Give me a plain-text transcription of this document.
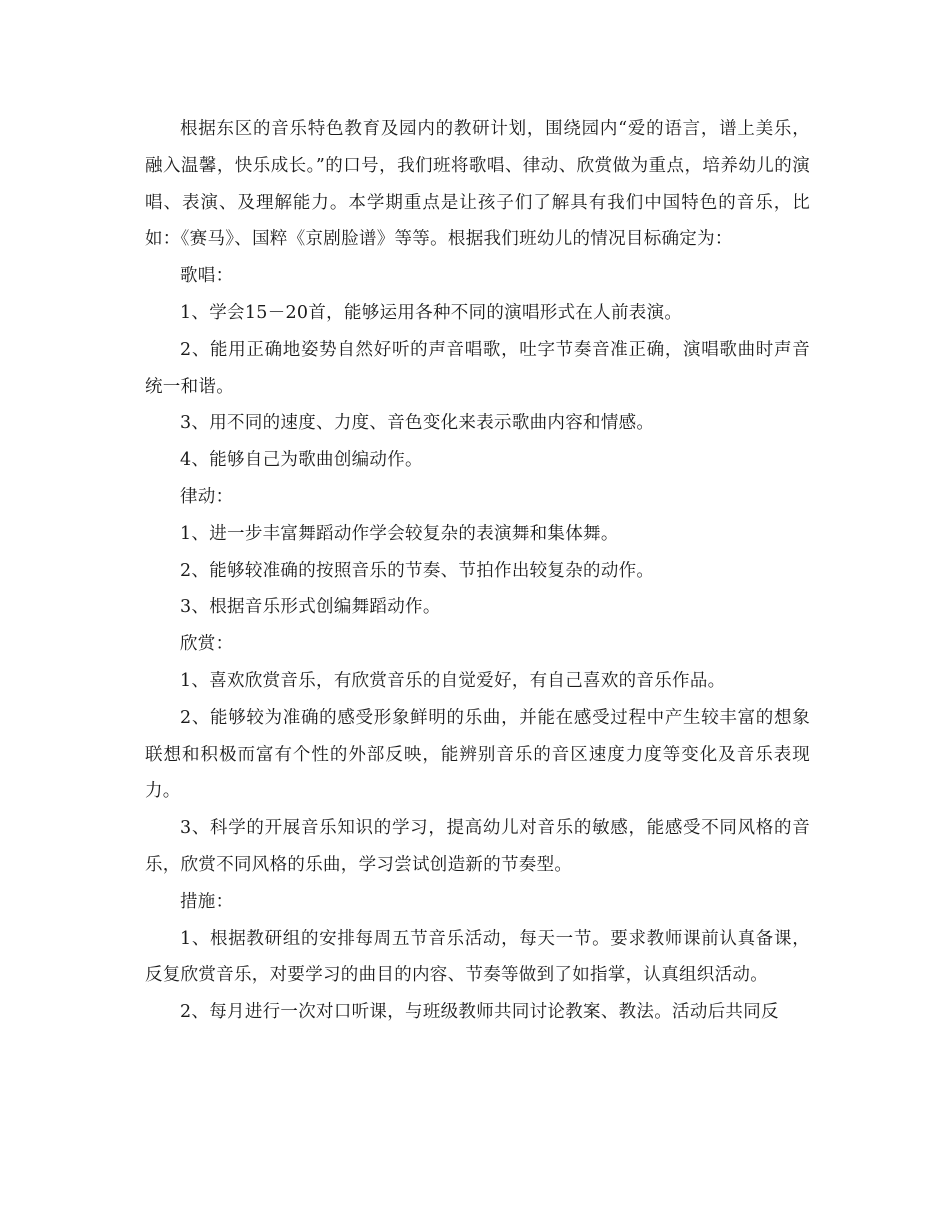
根据东区的音乐特色教育及园内的教研计划，围绕园内“爱的语言，谱上美乐，融入温馨，快乐成长。”的口号，我们班将歌唱、律动、欣赏做为重点，培养幼儿的演唱、表演、及理解能力。本学期重点是让孩子们了解具有我们中国特色的音乐，比如：《赛马》、国粹《京剧脸谱》等等。根据我们班幼儿的情况目标确定为：

歌唱：

1、学会15－20首，能够运用各种不同的演唱形式在人前表演。

2、能用正确地姿势自然好听的声音唱歌，吐字节奏音准正确，演唱歌曲时声音统一和谐。

3、用不同的速度、力度、音色变化来表示歌曲内容和情感。

4、能够自己为歌曲创编动作。

律动：

1、进一步丰富舞蹈动作学会较复杂的表演舞和集体舞。

2、能够较准确的按照音乐的节奏、节拍作出较复杂的动作。

3、根据音乐形式创编舞蹈动作。

欣赏：

1、喜欢欣赏音乐，有欣赏音乐的自觉爱好，有自己喜欢的音乐作品。

2、能够较为准确的感受形象鲜明的乐曲，并能在感受过程中产生较丰富的想象联想和积极而富有个性的外部反映，能辨别音乐的音区速度力度等变化及音乐表现力。

3、科学的开展音乐知识的学习，提高幼儿对音乐的敏感，能感受不同风格的音乐，欣赏不同风格的乐曲，学习尝试创造新的节奏型。

措施：

1、根据教研组的安排每周五节音乐活动，每天一节。要求教师课前认真备课，反复欣赏音乐，对要学习的曲目的内容、节奏等做到了如指掌，认真组织活动。

2、每月进行一次对口听课，与班级教师共同讨论教案、教法。活动后共同反
